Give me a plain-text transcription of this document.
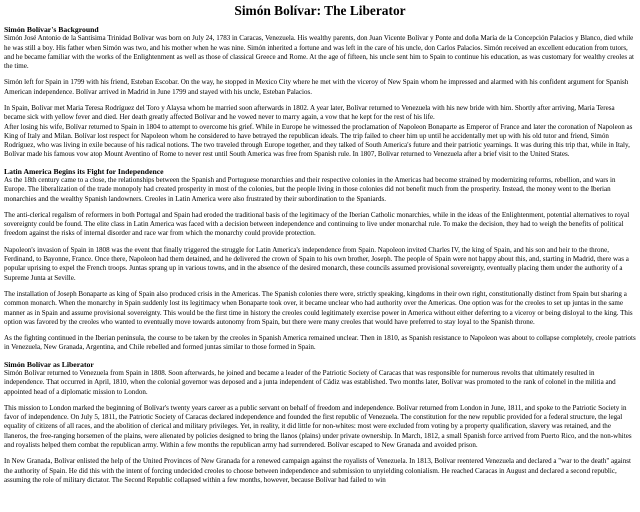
Simón Bolívar: The Liberator
Simón Bolívar's Background

Simón José Antonio de la Santísima Trinidad Bolívar was born on July 24, 1783 in Caracas, Venezuela. His wealthy parents, don Juan Vicente Bolívar y Ponte and doña María de la Concepción Palacios y Blanco, died while he was still a boy. His father when Simón was two, and his mother when he was nine. Simón inherited a fortune and was left in the care of his uncle, don Carlos Palacios. Simón received an excellent education from tutors, and he became familiar with the works of the Enlightenment as well as those of classical Greece and Rome. At the age of fifteen, his uncle sent him to Spain to continue his education, as was customary for wealthy creoles at the time.

Simón left for Spain in 1799 with his friend, Esteban Escobar. On the way, he stopped in Mexico City where he met with the viceroy of New Spain whom he impressed and alarmed with his confident argument for Spanish American independence. Bolívar arrived in Madrid in June 1799 and stayed with his uncle, Esteban Palacios.

In Spain, Bolívar met Maria Teresa Rodríguez del Toro y Alaysa whom he married soon afterwards in 1802. A year later, Bolívar returned to Venezuela with his new bride with him. Shortly after arriving, Maria Teresa became sick with yellow fever and died. Her death greatly affected Bolívar and he vowed never to marry again, a vow that he kept for the rest of his life.

After losing his wife, Bolívar returned to Spain in 1804 to attempt to overcome his grief. While in Europe he witnessed the proclamation of Napoleon Bonaparte as Emperor of France and later the coronation of Napoleon as King of Italy and Milan. Bolívar lost respect for Napoleon whom he considered to have betrayed the republican ideals. The trip failed to cheer him up until he accidentally met up with his old tutor and friend, Simón Rodríguez, who was living in exile because of his radical notions. The two traveled through Europe together, and they talked of South America's future and their patriotic yearnings. It was during this trip that, while in Italy, Bolívar made his famous vow atop Mount Aventino of Rome to never rest until South America was free from Spanish rule. In 1807, Bolívar returned to Venezuela after a brief visit to the United States.

Latin America Begins its Fight for Independence

As the 18th century came to a close, the relationships between the Spanish and Portuguese monarchies and their respective colonies in the Americas had become strained by modernizing reforms, rebellion, and wars in Europe. The liberalization of the trade monopoly had created prosperity in most of the colonies, but the people living in those colonies did not benefit much from the prosperity. Instead, the money went to the Iberian monarchies and the wealthy Spanish landowners. Creoles in Latin America were also frustrated by their subordination to the Spaniards.

The anti-clerical regalism of reformers in both Portugal and Spain had eroded the traditional basis of the legitimacy of the Iberian Catholic monarchies, while in the ideas of the Enlightenment, potential alternatives to royal sovereignty could be found. The elite class in Latin America was faced with a decision between independence and continuing to live under monarchal rule. To make the decision, they had to weigh the benefits of political freedom against the risks of internal disorder and race war from which the monarchy could provide protection.

Napoleon's invasion of Spain in 1808 was the event that finally triggered the struggle for Latin America's independence from Spain. Napoleon invited Charles IV, the king of Spain, and his son and heir to the throne, Ferdinand, to Bayonne, France. Once there, Napoleon had them detained, and he delivered the crown of Spain to his own brother, Joseph. The people of Spain were not happy about this, and, starting in Madrid, there was a popular uprising to expel the French troops. Juntas sprang up in various towns, and in the absence of the desired monarch, these councils assumed provisional sovereignty, eventually placing them under the authority of a Supreme Junta at Seville.

The installation of Joseph Bonaparte as king of Spain also produced crisis in the Americas. The Spanish colonies there were, strictly speaking, kingdoms in their own right, constitutionally distinct from Spain but sharing a common monarch. When the monarchy in Spain suddenly lost its legitimacy when Bonaparte took over, it became unclear who had authority over the Americas. One option was for the creoles to set up juntas in the same manner as in Spain and assume provisional sovereignty. This would be the first time in history the creoles could legitimately exercise power in America without either deferring to a viceroy or being disloyal to the king. This option was favored by the creoles who wanted to eventually move towards autonomy from Spain, but there were many creoles that would have preferred to stay loyal to the Spanish throne.

As the fighting continued in the Iberian peninsula, the course to be taken by the creoles in Spanish America remained unclear. Then in 1810, as Spanish resistance to Napoleon was about to collapse completely, creole patriots in Venezuela, New Granada, Argentina, and Chile rebelled and formed juntas similar to those formed in Spain.

Simón Bolívar as Liberator

Simón Bolívar returned to Venezuela from Spain in 1808. Soon afterwards, he joined and became a leader of the Patriotic Society of Caracas that was responsible for numerous revolts that ultimately resulted in independence. That occurred in April, 1810, when the colonial governor was deposed and a junta independent of Cádiz was established. Two months later, Bolívar was promoted to the rank of colonel in the militia and appointed head of a diplomatic mission to London.

This mission to London marked the beginning of Bolívar's twenty years career as a public servant on behalf of freedom and independence. Bolívar returned from London in June, 1811, and spoke to the Patriotic Society in favor of independence. On July 5, 1811, the Patriotic Society of Caracas declared independence and founded the first republic of Venezuela. The constitution for the new republic provided for a federal structure, the legal equality of citizens of all races, and the abolition of clerical and military privileges. Yet, in reality, it did little for non-whites: most were excluded from voting by a property qualification, slavery was retained, and the llaneros, the free-ranging horsemen of the plains, were alienated by policies designed to bring the llanos (plains) under private ownership. In March, 1812, a small Spanish force arrived from Puerto Rico, and the non-whites and royalists helped them combat the republican army. Within a few months the republican army had surrendered. Bolívar escaped to New Granada and avoided prison.

In New Granada, Bolívar enlisted the help of the United Provinces of New Granada for a renewed campaign against the royalists of Venezuela. In 1813, Bolívar reentered Venezuela and declared a "war to the death" against the authority of Spain. He did this with the intent of forcing undecided creoles to choose between independence and submission to unyielding colonialism. He reached Caracas in August and declared a second republic, assuming the role of military dictator. The Second Republic collapsed within a few months, however, because Bolívar had failed to win
